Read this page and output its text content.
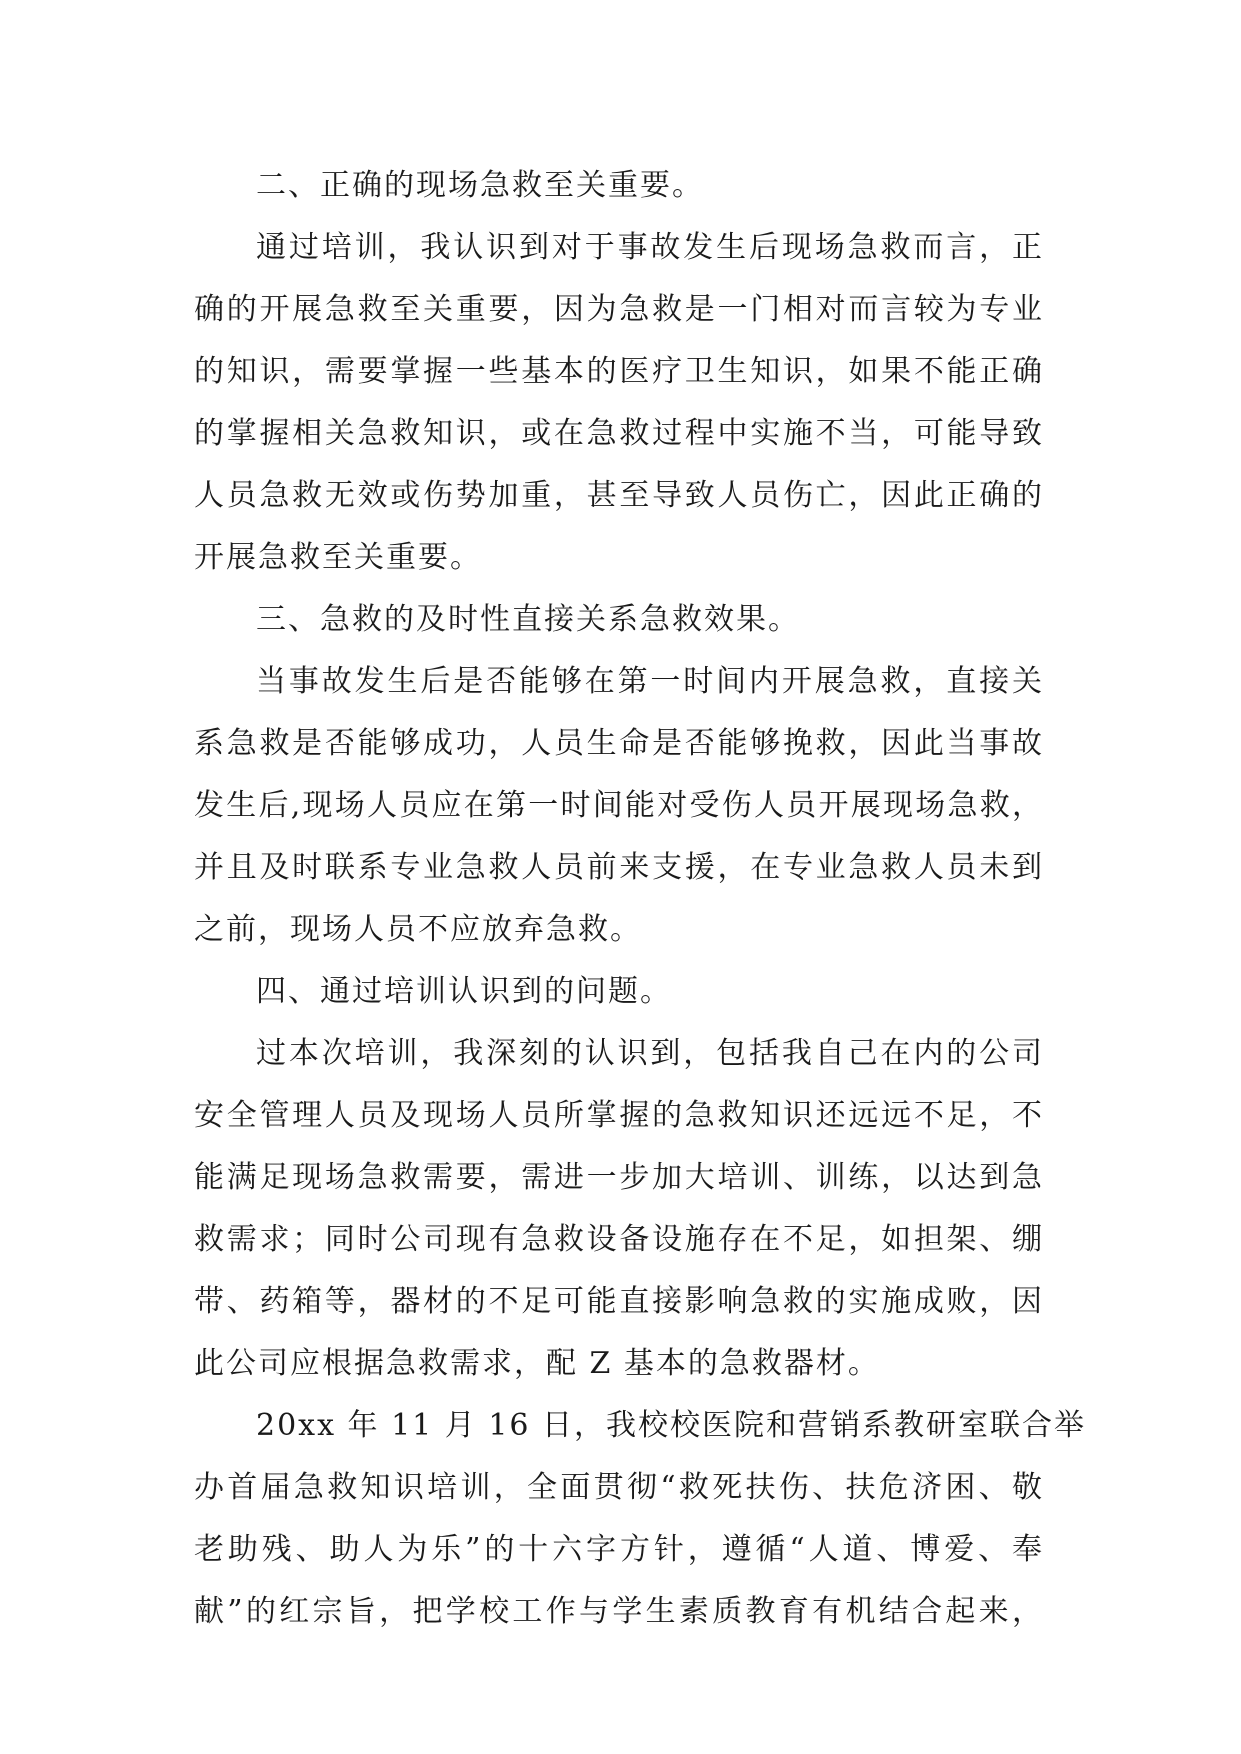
二、正确的现场急救至关重要。
通过培训，我认识到对于事故发生后现场急救而言，正
确的开展急救至关重要，因为急救是一门相对而言较为专业
的知识，需要掌握一些基本的医疗卫生知识，如果不能正确
的掌握相关急救知识，或在急救过程中实施不当，可能导致
人员急救无效或伤势加重，甚至导致人员伤亡，因此正确的
开展急救至关重要。
三、急救的及时性直接关系急救效果。
当事故发生后是否能够在第一时间内开展急救，直接关
系急救是否能够成功，人员生命是否能够挽救，因此当事故
发生后,现场人员应在第一时间能对受伤人员开展现场急救，
并且及时联系专业急救人员前来支援，在专业急救人员未到
之前，现场人员不应放弃急救。
四、通过培训认识到的问题。
过本次培训，我深刻的认识到，包括我自己在内的公司
安全管理人员及现场人员所掌握的急救知识还远远不足，不
能满足现场急救需要，需进一步加大培训、训练，以达到急
救需求；同时公司现有急救设备设施存在不足，如担架、绷
带、药箱等，器材的不足可能直接影响急救的实施成败，因
此公司应根据急救需求，配 Z 基本的急救器材。
20xx 年 11 月 16 日，我校校医院和营销系教研室联合举
办首届急救知识培训，全面贯彻“救死扶伤、扶危济困、敬
老助残、助人为乐”的十六字方针，遵循“人道、博爱、奉
献”的红宗旨，把学校工作与学生素质教育有机结合起来，
